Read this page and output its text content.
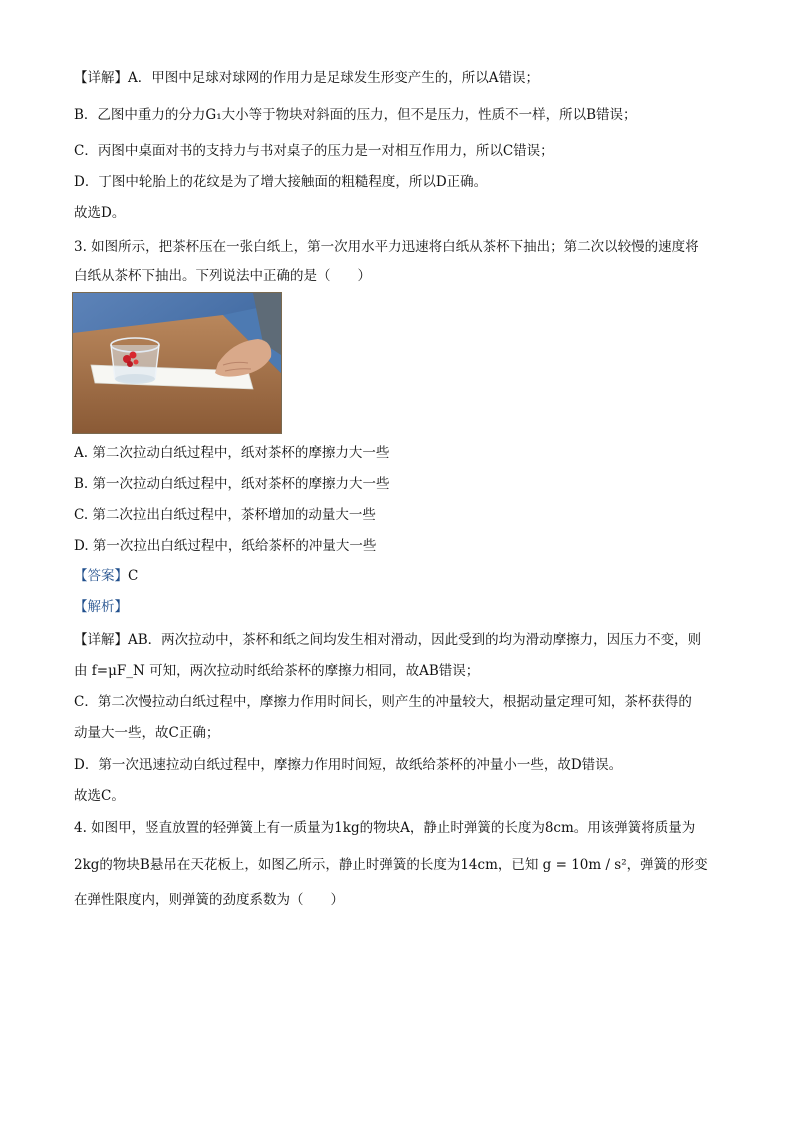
【详解】A．甲图中足球对球网的作用力是足球发生形变产生的，所以A错误；
B．乙图中重力的分力G₁大小等于物块对斜面的压力，但不是压力，性质不一样，所以B错误；
C．丙图中桌面对书的支持力与书对桌子的压力是一对相互作用力，所以C错误；
D．丁图中轮胎上的花纹是为了增大接触面的粗糙程度，所以D正确。
故选D。
3. 如图所示，把茶杯压在一张白纸上，第一次用水平力迅速将白纸从茶杯下抽出；第二次以较慢的速度将
白纸从茶杯下抽出。下列说法中正确的是（　　）
A. 第二次拉动白纸过程中，纸对茶杯的摩擦力大一些
B. 第一次拉动白纸过程中，纸对茶杯的摩擦力大一些
C. 第二次拉出白纸过程中，茶杯增加的动量大一些
D. 第一次拉出白纸过程中，纸给茶杯的冲量大一些
【答案】C
【解析】
【详解】AB．两次拉动中，茶杯和纸之间均发生相对滑动，因此受到的均为滑动摩擦力，因压力不变，则
由 f=μF_N 可知，两次拉动时纸给茶杯的摩擦力相同，故AB错误；
C．第二次慢拉动白纸过程中，摩擦力作用时间长，则产生的冲量较大，根据动量定理可知，茶杯获得的
动量大一些，故C正确；
D．第一次迅速拉动白纸过程中，摩擦力作用时间短，故纸给茶杯的冲量小一些，故D错误。
故选C。
4. 如图甲，竖直放置的轻弹簧上有一质量为1kg的物块A，静止时弹簧的长度为8cm。用该弹簧将质量为
2kg的物块B悬吊在天花板上，如图乙所示，静止时弹簧的长度为14cm，已知 g = 10m / s²，弹簧的形变
在弹性限度内，则弹簧的劲度系数为（　　）
